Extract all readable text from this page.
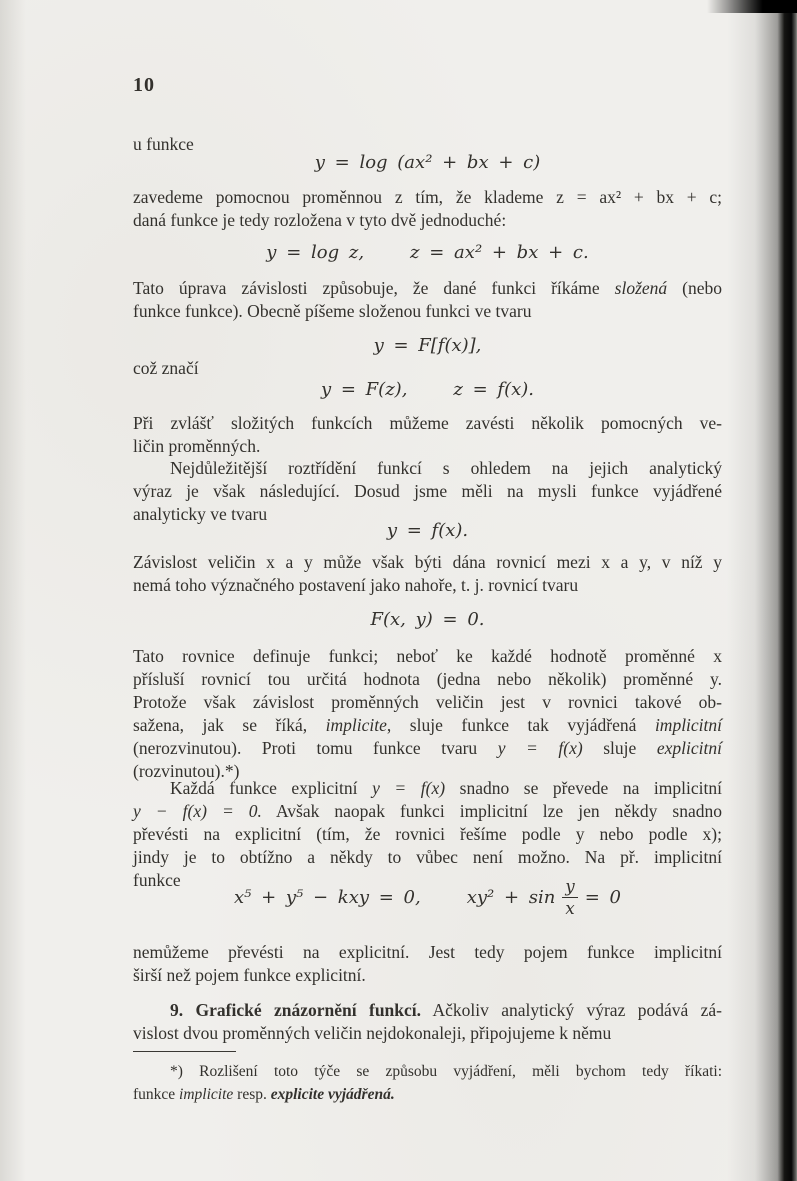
10
u funkce
y = log (ax² + bx + c)
zavedeme pomocnou proměnnou z tím, že klademe z = ax² + bx + c;
daná funkce je tedy rozložena v tyto dvě jednoduché:
y = log z,	z = ax² + bx + c.
Tato úprava závislosti způsobuje, že dané funkci říkáme složená (nebo
funkce funkce). Obecně píšeme složenou funkci ve tvaru
y = F[f(x)],
což značí
y = F(z),	z = f(x).
Při zvlášť složitých funkcích můžeme zavésti několik pomocných ve-
ličin proměnných.
Nejdůležitější roztřídění funkcí s ohledem na jejich analytický
výraz je však následující. Dosud jsme měli na mysli funkce vyjádřené
analyticky ve tvaru
y = f(x).
Závislost veličin x a y může však býti dána rovnicí mezi x a y, v níž y
nemá toho význačného postavení jako nahoře, t. j. rovnicí tvaru
F(x, y) = 0.
Tato rovnice definuje funkci; neboť ke každé hodnotě proměnné x
přísluší rovnicí tou určitá hodnota (jedna nebo několik) proměnné y.
Protože však závislost proměnných veličin jest v rovnici takové ob-
sažena, jak se říká, implicite, sluje funkce tak vyjádřená implicitní
(nerozvinutou). Proti tomu funkce tvaru y = f(x) sluje explicitní
(rozvinutou).*)
Každá funkce explicitní y = f(x) snadno se převede na implicitní
y − f(x) = 0. Avšak naopak funkci implicitní lze jen někdy snadno
převésti na explicitní (tím, že rovnici řešíme podle y nebo podle x);
jindy je to obtížno a někdy to vůbec není možno. Na př. implicitní
funkce
x⁵ + y⁵ − kxy = 0,	$xy^2 + \sin \frac{y}{x} = 0$
nemůžeme převésti na explicitní. Jest tedy pojem funkce implicitní
širší než pojem funkce explicitní.
9. Grafické znázornění funkcí. Ačkoliv analytický výraz podává zá-
vislost dvou proměnných veličin nejdokonaleji, připojujeme k němu
*) Rozlišení toto týče se způsobu vyjádření, měli bychom tedy říkati:
funkce implicite resp. explicite vyjádřená.
